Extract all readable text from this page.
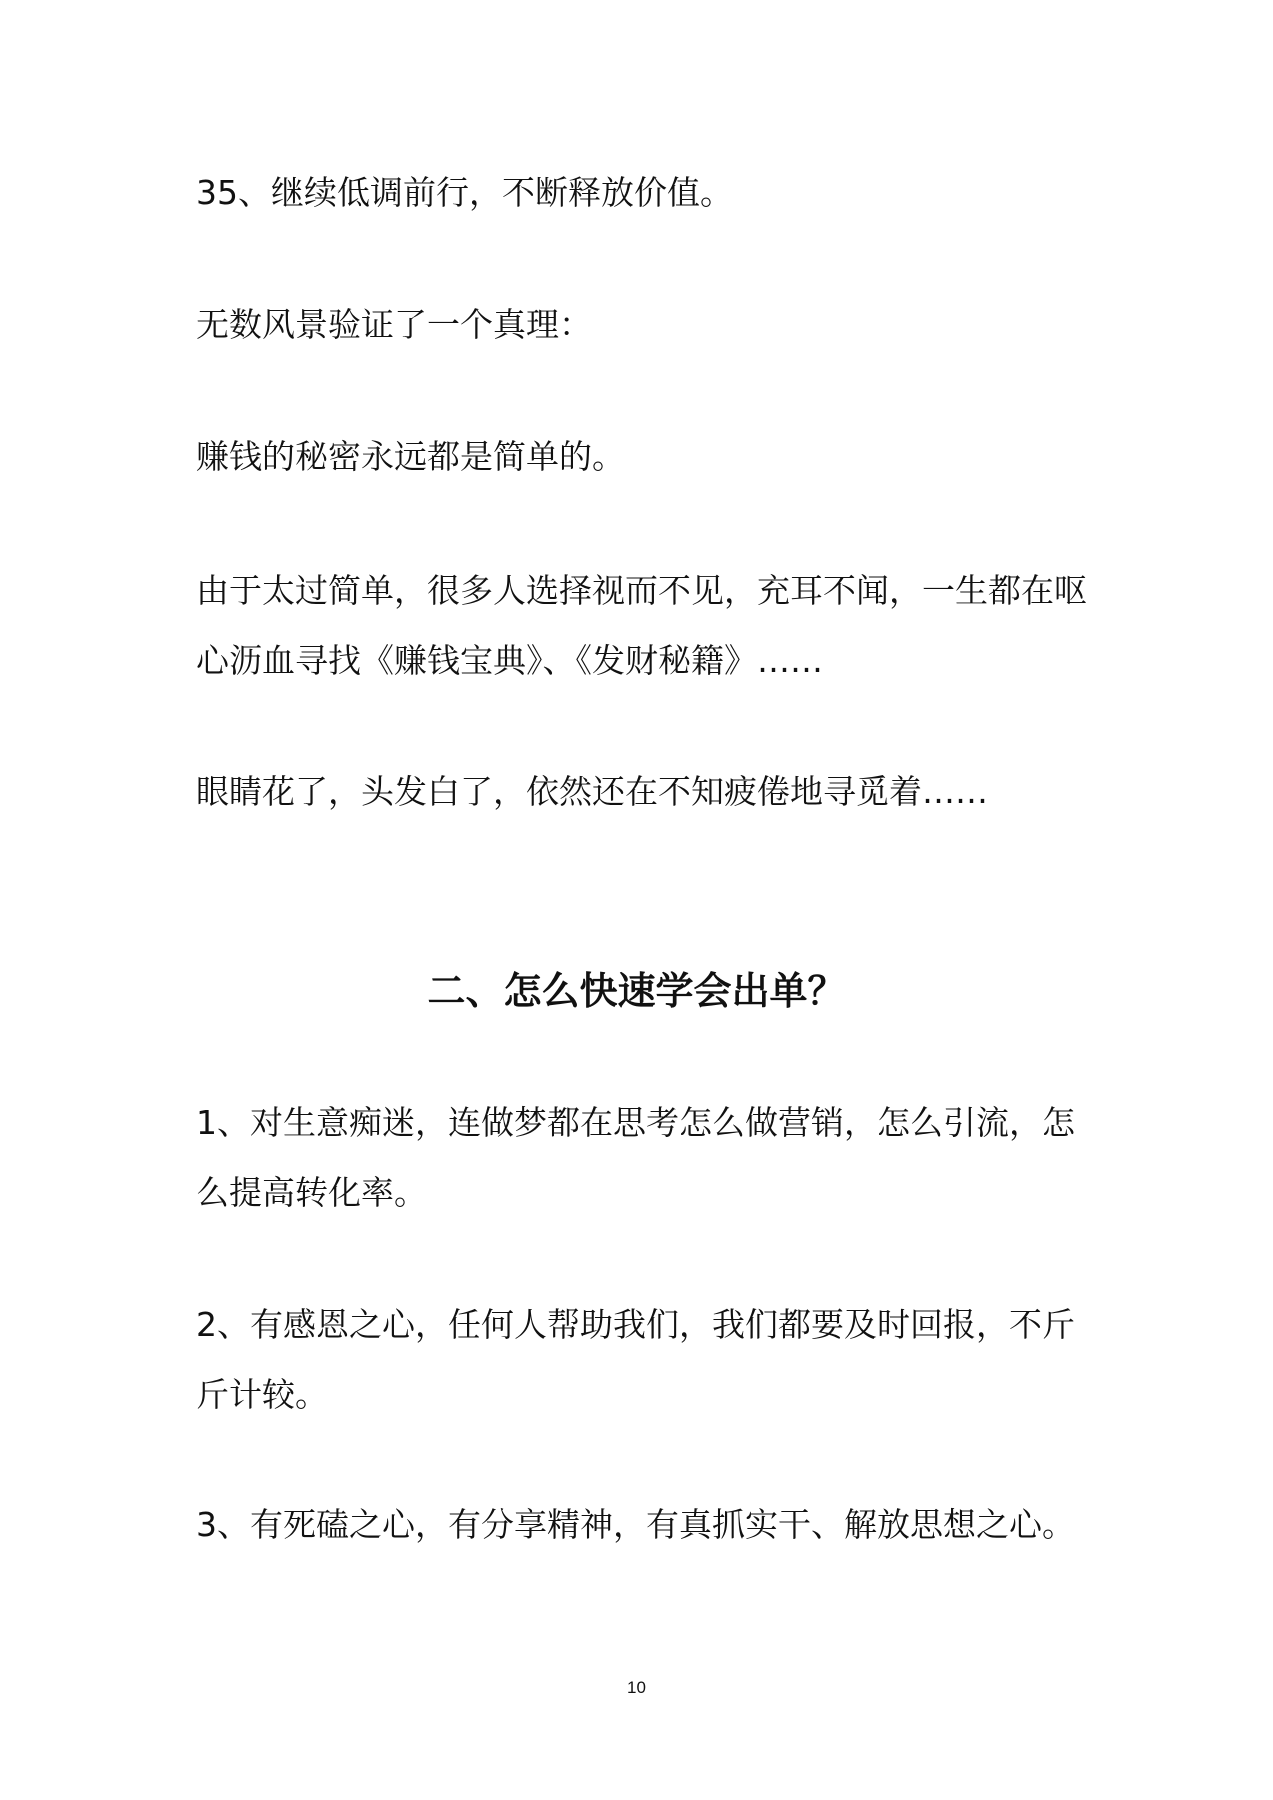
35、继续低调前行，不断释放价值。

无数风景验证了一个真理：

赚钱的秘密永远都是简单的。

由于太过简单，很多人选择视而不见，充耳不闻，一生都在呕心沥血寻找《赚钱宝典》、《发财秘籍》……

眼睛花了，头发白了，依然还在不知疲倦地寻觅着……

二、怎么快速学会出单？

1、对生意痴迷，连做梦都在思考怎么做营销，怎么引流，怎么提高转化率。

2、有感恩之心，任何人帮助我们，我们都要及时回报，不斤斤计较。

3、有死磕之心，有分享精神，有真抓实干、解放思想之心。

10
